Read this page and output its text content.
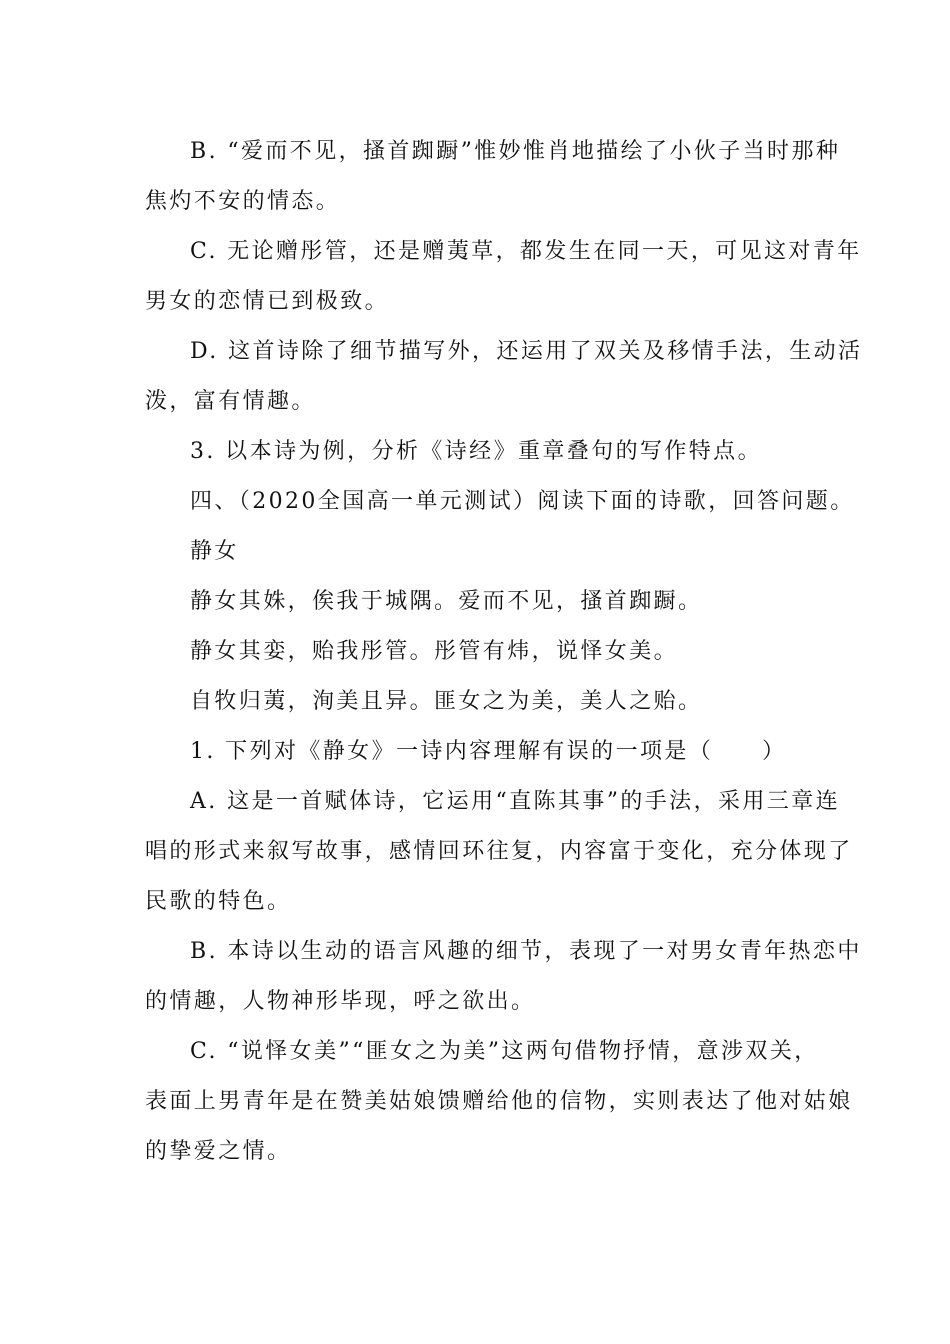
B. “爱而不见，搔首踟蹰”惟妙惟肖地描绘了小伙子当时那种
焦灼不安的情态。
C. 无论赠彤管，还是赠荑草，都发生在同一天，可见这对青年
男女的恋情已到极致。
D. 这首诗除了细节描写外，还运用了双关及移情手法，生动活
泼，富有情趣。
3. 以本诗为例，分析《诗经》重章叠句的写作特点。
四、（2020全国高一单元测试）阅读下面的诗歌，回答问题。
静女
静女其姝，俟我于城隅。爱而不见，搔首踟蹰。
静女其娈，贻我彤管。彤管有炜，说怿女美。
自牧归荑，洵美且异。匪女之为美，美人之贻。
1. 下列对《静女》一诗内容理解有误的一项是（　　）
A. 这是一首赋体诗，它运用“直陈其事”的手法，采用三章连
唱的形式来叙写故事，感情回环往复，内容富于变化，充分体现了
民歌的特色。
B. 本诗以生动的语言风趣的细节，表现了一对男女青年热恋中
的情趣，人物神形毕现，呼之欲出。
C. “说怿女美”“匪女之为美”这两句借物抒情，意涉双关，
表面上男青年是在赞美姑娘馈赠给他的信物，实则表达了他对姑娘
的挚爱之情。
